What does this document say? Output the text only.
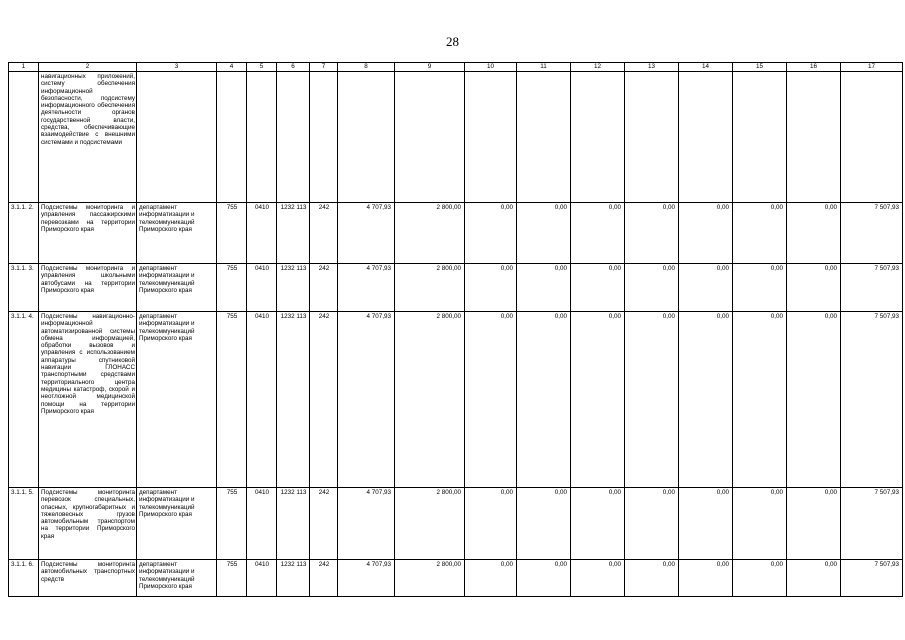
28
1	2	3	4	5	6	7	8	9	10	11	12	13	14	15	16	17
	навигационных приложений, систему обеспечения информационной безопасности, подсистему информационного обеспечения деятельности органов государственной власти, средства, обеспечивающие взаимодействие с внешними системами и подсистемами															
3.1.1. 2.	Подсистемы мониторинга и управления пассажирскими перевозками на территории Приморского края	департамент информатизации и телекоммуникаций Приморского края	755	0410	1232 113	242	4 707,93	2 800,00	0,00	0,00	0,00	0,00	0,00	0,00	0,00	7 507,93
3.1.1. 3.	Подсистемы мониторинга и управления школьными автобусами на территории Приморского края	департамент информатизации и телекоммуникаций Приморского края	755	0410	1232 113	242	4 707,93	2 800,00	0,00	0,00	0,00	0,00	0,00	0,00	0,00	7 507,93
3.1.1. 4.	Подсистемы навигационно-информационной автоматизированной системы обмена информацией, обработки вызовов и управления с использованием аппаратуры спутниковой навигации ГЛОНАСС транспортными средствами территориального центра медицины катастроф, скорой и неотложной медицинской помощи на территории Приморского края	департамент информатизации и телекоммуникаций Приморского края	755	0410	1232 113	242	4 707,93	2 800,00	0,00	0,00	0,00	0,00	0,00	0,00	0,00	7 507,93
3.1.1. 5.	Подсистемы мониторинга перевозок специальных, опасных, крупногабаритных и тяжеловесных грузов автомобильным транспортом на территории Приморского края	департамент информатизации и телекоммуникаций Приморского края	755	0410	1232 113	242	4 707,93	2 800,00	0,00	0,00	0,00	0,00	0,00	0,00	0,00	7 507,93
3.1.1. 6.	Подсистемы мониторинга автомобильных транспортных средств	департамент информатизации и телекоммуникаций Приморского края	755	0410	1232 113	242	4 707,93	2 800,00	0,00	0,00	0,00	0,00	0,00	0,00	0,00	7 507,93
